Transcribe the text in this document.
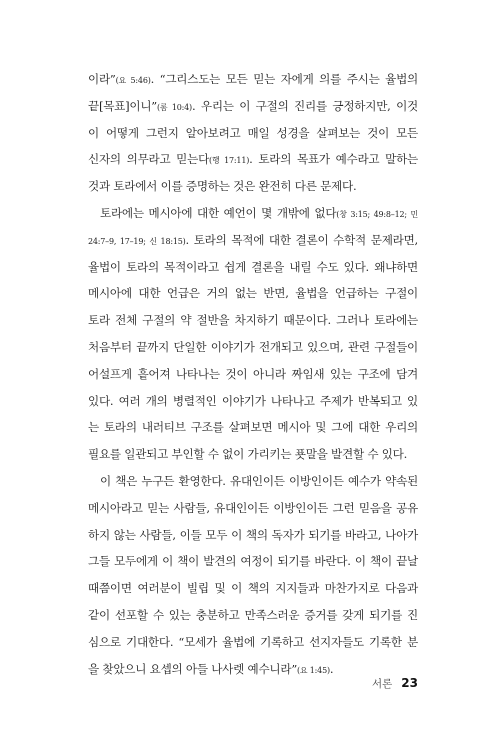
이라”(요 5:46). “그리스도는 모든 믿는 자에게 의를 주시는 율법의
끝[목표]이니”(롬 10:4). 우리는 이 구절의 진리를 긍정하지만, 이것
이 어떻게 그런지 알아보려고 매일 성경을 살펴보는 것이 모든
신자의 의무라고 믿는다(행 17:11). 토라의 목표가 예수라고 말하는
것과 토라에서 이를 증명하는 것은 완전히 다른 문제다.
토라에는 메시아에 대한 예언이 몇 개밖에 없다(창 3:15; 49:8–12; 민
24:7–9, 17–19; 신 18:15). 토라의 목적에 대한 결론이 수학적 문제라면,
율법이 토라의 목적이라고 쉽게 결론을 내릴 수도 있다. 왜냐하면
메시아에 대한 언급은 거의 없는 반면, 율법을 언급하는 구절이
토라 전체 구절의 약 절반을 차지하기 때문이다. 그러나 토라에는
처음부터 끝까지 단일한 이야기가 전개되고 있으며, 관련 구절들이
어설프게 흩어져 나타나는 것이 아니라 짜임새 있는 구조에 담겨
있다. 여러 개의 병렬적인 이야기가 나타나고 주제가 반복되고 있
는 토라의 내러티브 구조를 살펴보면 메시아 및 그에 대한 우리의
필요를 일관되고 부인할 수 없이 가리키는 푯말을 발견할 수 있다.
이 책은 누구든 환영한다. 유대인이든 이방인이든 예수가 약속된
메시아라고 믿는 사람들, 유대인이든 이방인이든 그런 믿음을 공유
하지 않는 사람들, 이들 모두 이 책의 독자가 되기를 바라고, 나아가
그들 모두에게 이 책이 발견의 여정이 되기를 바란다. 이 책이 끝날
때쯤이면 여러분이 빌립 및 이 책의 지지들과 마찬가지로 다음과
같이 선포할 수 있는 충분하고 만족스러운 증거를 갖게 되기를 진
심으로 기대한다. “모세가 율법에 기록하고 선지자들도 기록한 분
을 찾았으니 요셉의 아들 나사렛 예수니라”(요 1:45).
서론 23
